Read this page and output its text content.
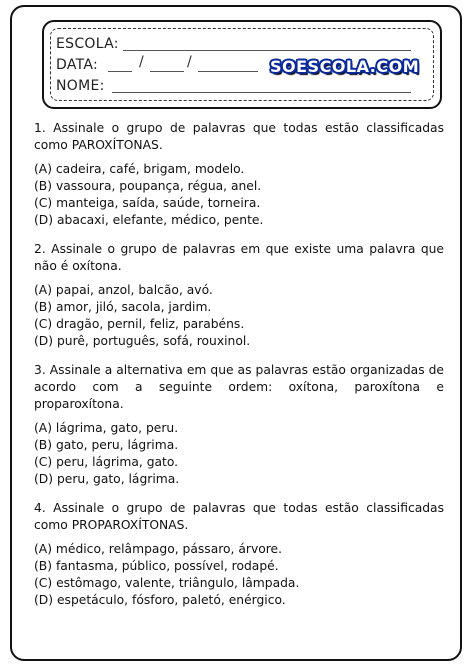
ESCOLA:
DATA:	/	/	SOESCOLA.COM
NOME:

1. Assinale o grupo de palavras que todas estão classificadas como PAROXÍTONAS.

(A) cadeira, café, brigam, modelo.
(B) vassoura, poupança, régua, anel.
(C) manteiga, saída, saúde, torneira.
(D) abacaxi, elefante, médico, pente.

2. Assinale o grupo de palavras em que existe uma palavra que não é oxítona.

(A) papai, anzol, balcão, avó.
(B) amor, jiló, sacola, jardim.
(C) dragão, pernil, feliz, parabéns.
(D) purê, português, sofá, rouxinol.

3. Assinale a alternativa em que as palavras estão organizadas de acordo com a seguinte ordem: oxítona, paroxítona e proparoxítona.

(A) lágrima, gato, peru.
(B) gato, peru, lágrima.
(C) peru, lágrima, gato.
(D) peru, gato, lágrima.

4. Assinale o grupo de palavras que todas estão classificadas como PROPAROXÍTONAS.

(A) médico, relâmpago, pássaro, árvore.
(B) fantasma, público, possível, rodapé.
(C) estômago, valente, triângulo, lâmpada.
(D) espetáculo, fósforo, paletó, enérgico.
